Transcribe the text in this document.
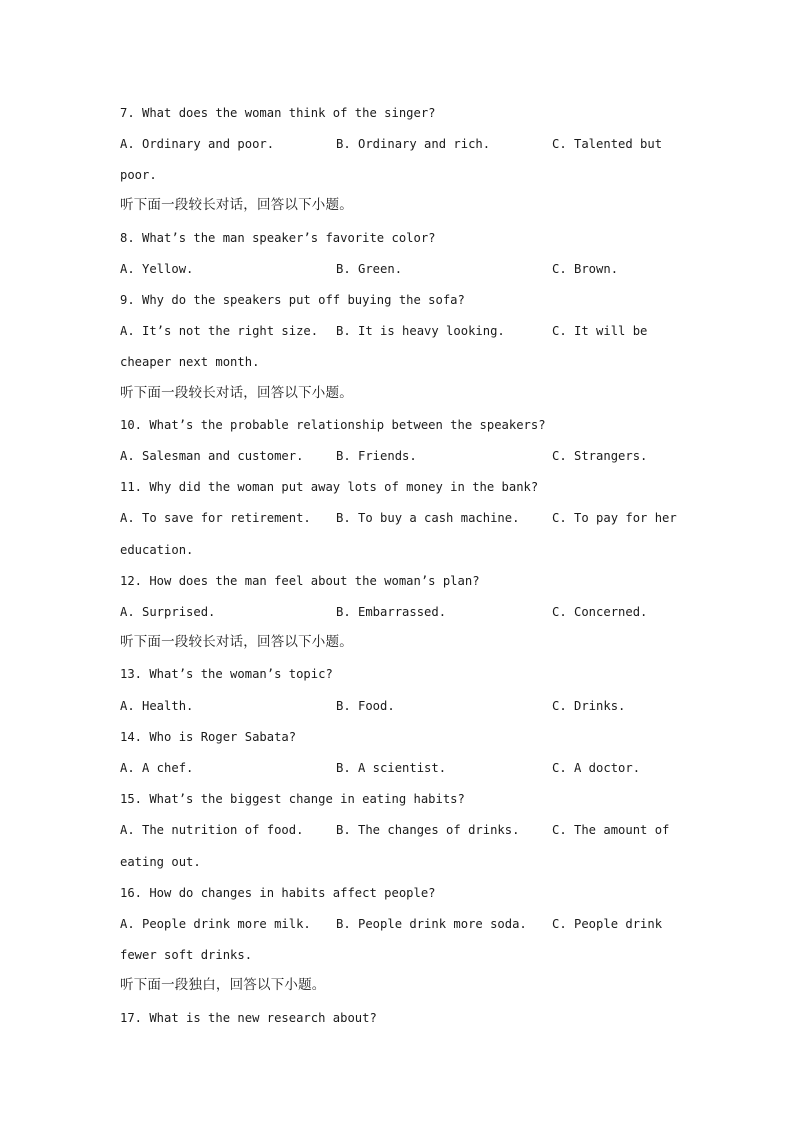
7. What does the woman think of the singer?
A. Ordinary and poor.	B. Ordinary and rich.	C. Talented but
poor.
听下面一段较长对话，回答以下小题。
8. What’s the man speaker’s favorite color?
A. Yellow.	B. Green.	C. Brown.
9. Why do the speakers put off buying the sofa?
A. It’s not the right size. B. It is heavy looking.	C. It will be
cheaper next month.
听下面一段较长对话，回答以下小题。
10. What’s the probable relationship between the speakers?
A. Salesman and customer.	B. Friends.	C. Strangers.
11. Why did the woman put away lots of money in the bank?
A. To save for retirement. B. To buy a cash machine.	C. To pay for her
education.
12. How does the man feel about the woman’s plan?
A. Surprised.	B. Embarrassed.	C. Concerned.
听下面一段较长对话，回答以下小题。
13. What’s the woman’s topic?
A. Health.	B. Food.	C. Drinks.
14. Who is Roger Sabata?
A. A chef.	B. A scientist.	C. A doctor.
15. What’s the biggest change in eating habits?
A. The nutrition of food.	B. The changes of drinks.	C. The amount of
eating out.
16. How do changes in habits affect people?
A. People drink more milk. B. People drink more soda. C. People drink
fewer soft drinks.
听下面一段独白，回答以下小题。
17. What is the new research about?
